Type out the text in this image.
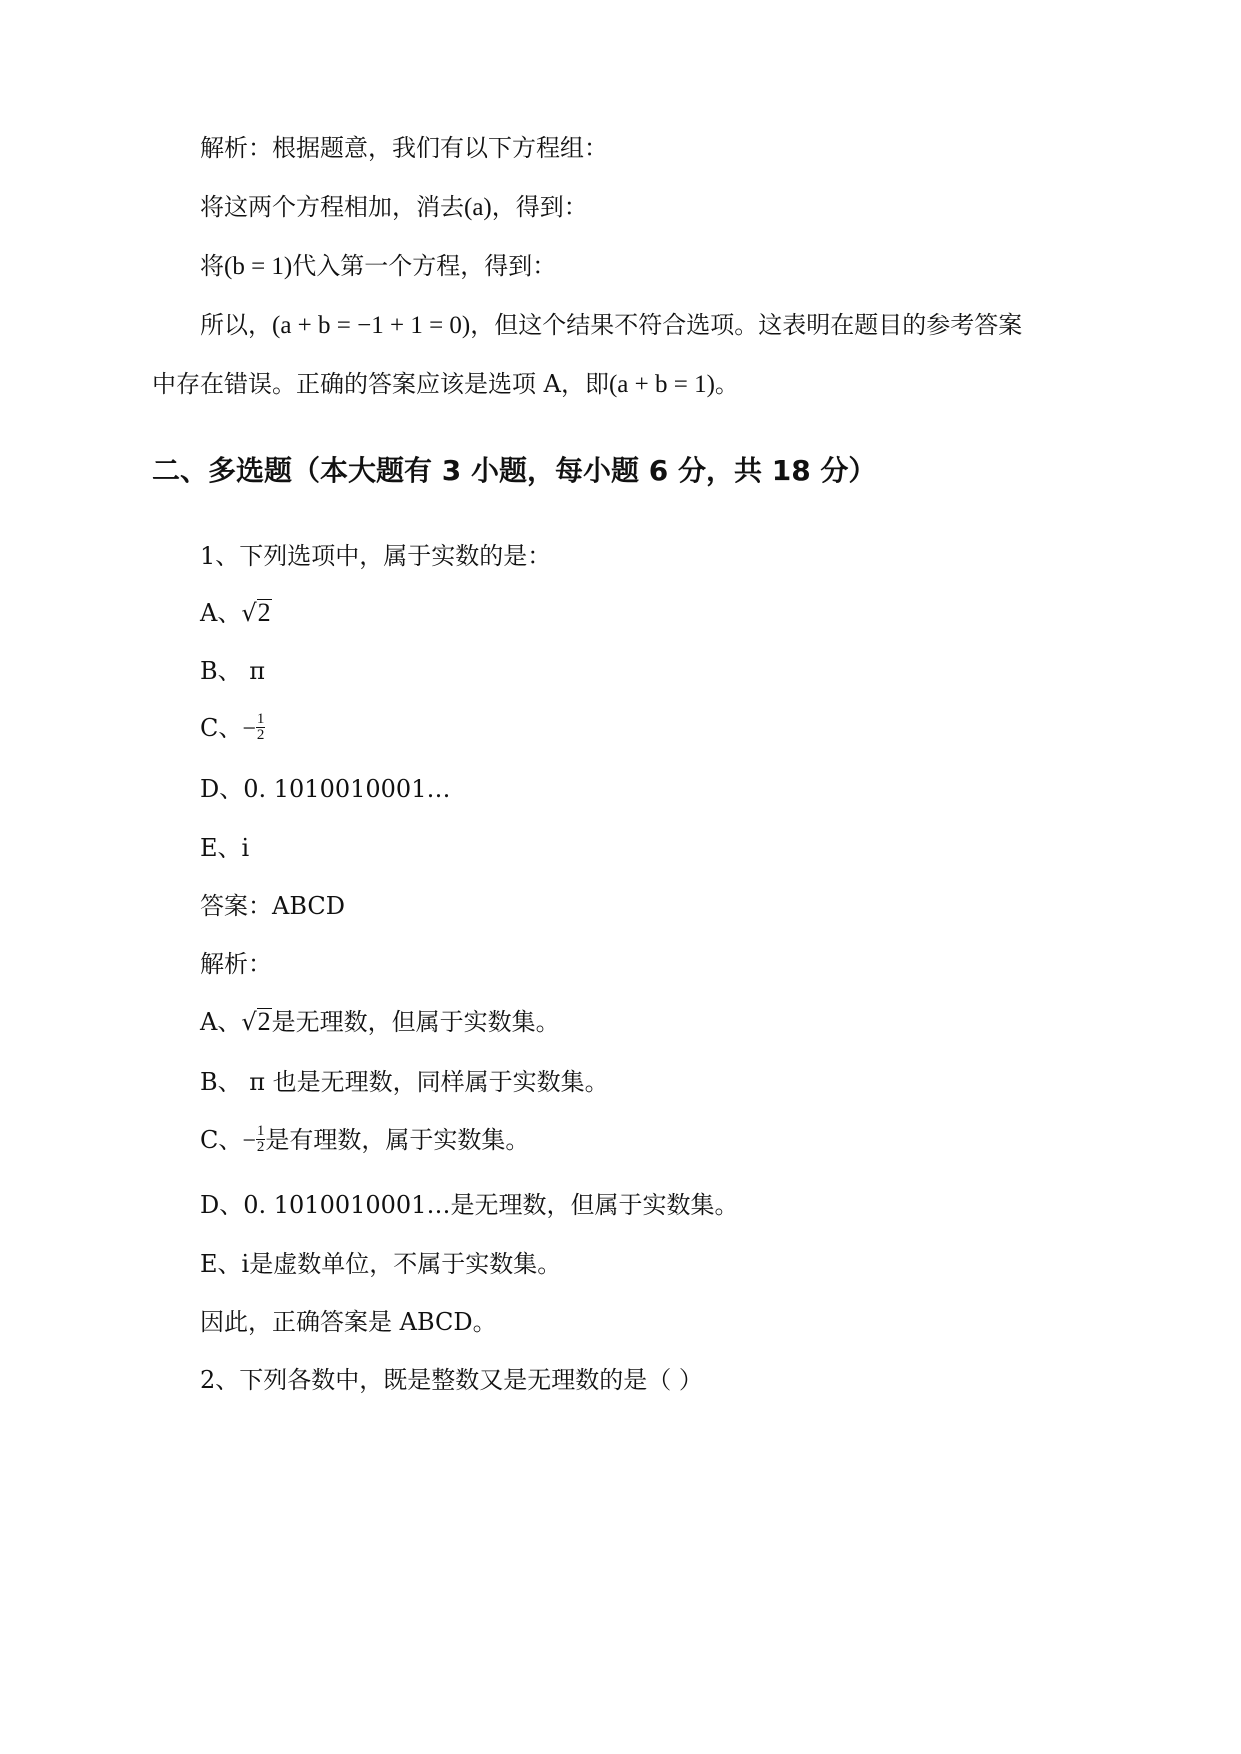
解析：根据题意，我们有以下方程组：
将这两个方程相加，消去(a)，得到：
将(b = 1)代入第一个方程，得到：
所以，(a + b = −1 + 1 = 0)，但这个结果不符合选项。这表明在题目的参考答案
中存在错误。正确的答案应该是选项 A，即(a + b = 1)。
二、多选题（本大题有 3 小题，每小题 6 分，共 18 分）
1、下列选项中，属于实数的是：
A、√2
B、 π
C、− $\frac{1}{2}$
D、0. 1010010001…
E、i
答案：ABCD
解析：
A、√2是无理数，但属于实数集。
B、 π 也是无理数，同样属于实数集。
C、− $\frac{1}{2}$ 是有理数，属于实数集。
D、0. 1010010001…是无理数，但属于实数集。
E、i是虚数单位，不属于实数集。
因此，正确答案是 ABCD。
2、下列各数中，既是整数又是无理数的是（ ）
